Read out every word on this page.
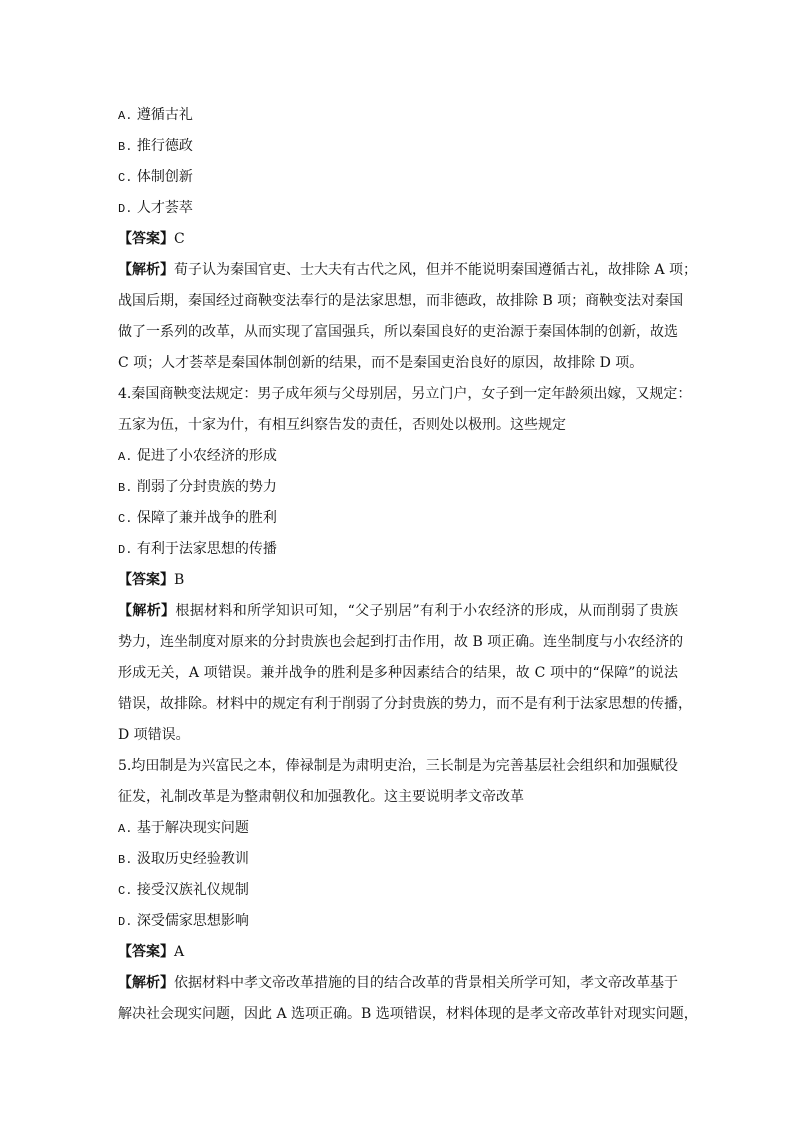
A. 遵循古礼
B. 推行德政
C. 体制创新
D. 人才荟萃
【答案】C
【解析】荀子认为秦国官吏、士大夫有古代之风，但并不能说明秦国遵循古礼，故排除 A 项；
战国后期，秦国经过商鞅变法奉行的是法家思想，而非德政，故排除 B 项；商鞅变法对秦国
做了一系列的改革，从而实现了富国强兵，所以秦国良好的吏治源于秦国体制的创新，故选
C 项；人才荟萃是秦国体制创新的结果，而不是秦国吏治良好的原因，故排除 D 项。
4.秦国商鞅变法规定：男子成年须与父母别居，另立门户，女子到一定年龄须出嫁，又规定：
五家为伍，十家为什，有相互纠察告发的责任，否则处以极刑。这些规定
A. 促进了小农经济的形成
B. 削弱了分封贵族的势力
C. 保障了兼并战争的胜利
D. 有利于法家思想的传播
【答案】B
【解析】根据材料和所学知识可知，“父子别居”有利于小农经济的形成，从而削弱了贵族
势力，连坐制度对原来的分封贵族也会起到打击作用，故 B 项正确。连坐制度与小农经济的
形成无关，A 项错误。兼并战争的胜利是多种因素结合的结果，故 C 项中的“保障”的说法
错误，故排除。材料中的规定有利于削弱了分封贵族的势力，而不是有利于法家思想的传播，
D 项错误。
5.均田制是为兴富民之本，俸禄制是为肃明吏治，三长制是为完善基层社会组织和加强赋役
征发，礼制改革是为整肃朝仪和加强教化。这主要说明孝文帝改革
A. 基于解决现实问题
B. 汲取历史经验教训
C. 接受汉族礼仪规制
D. 深受儒家思想影响
【答案】A
【解析】依据材料中孝文帝改革措施的目的结合改革的背景相关所学可知，孝文帝改革基于
解决社会现实问题，因此 A 选项正确。B 选项错误，材料体现的是孝文帝改革针对现实问题，
